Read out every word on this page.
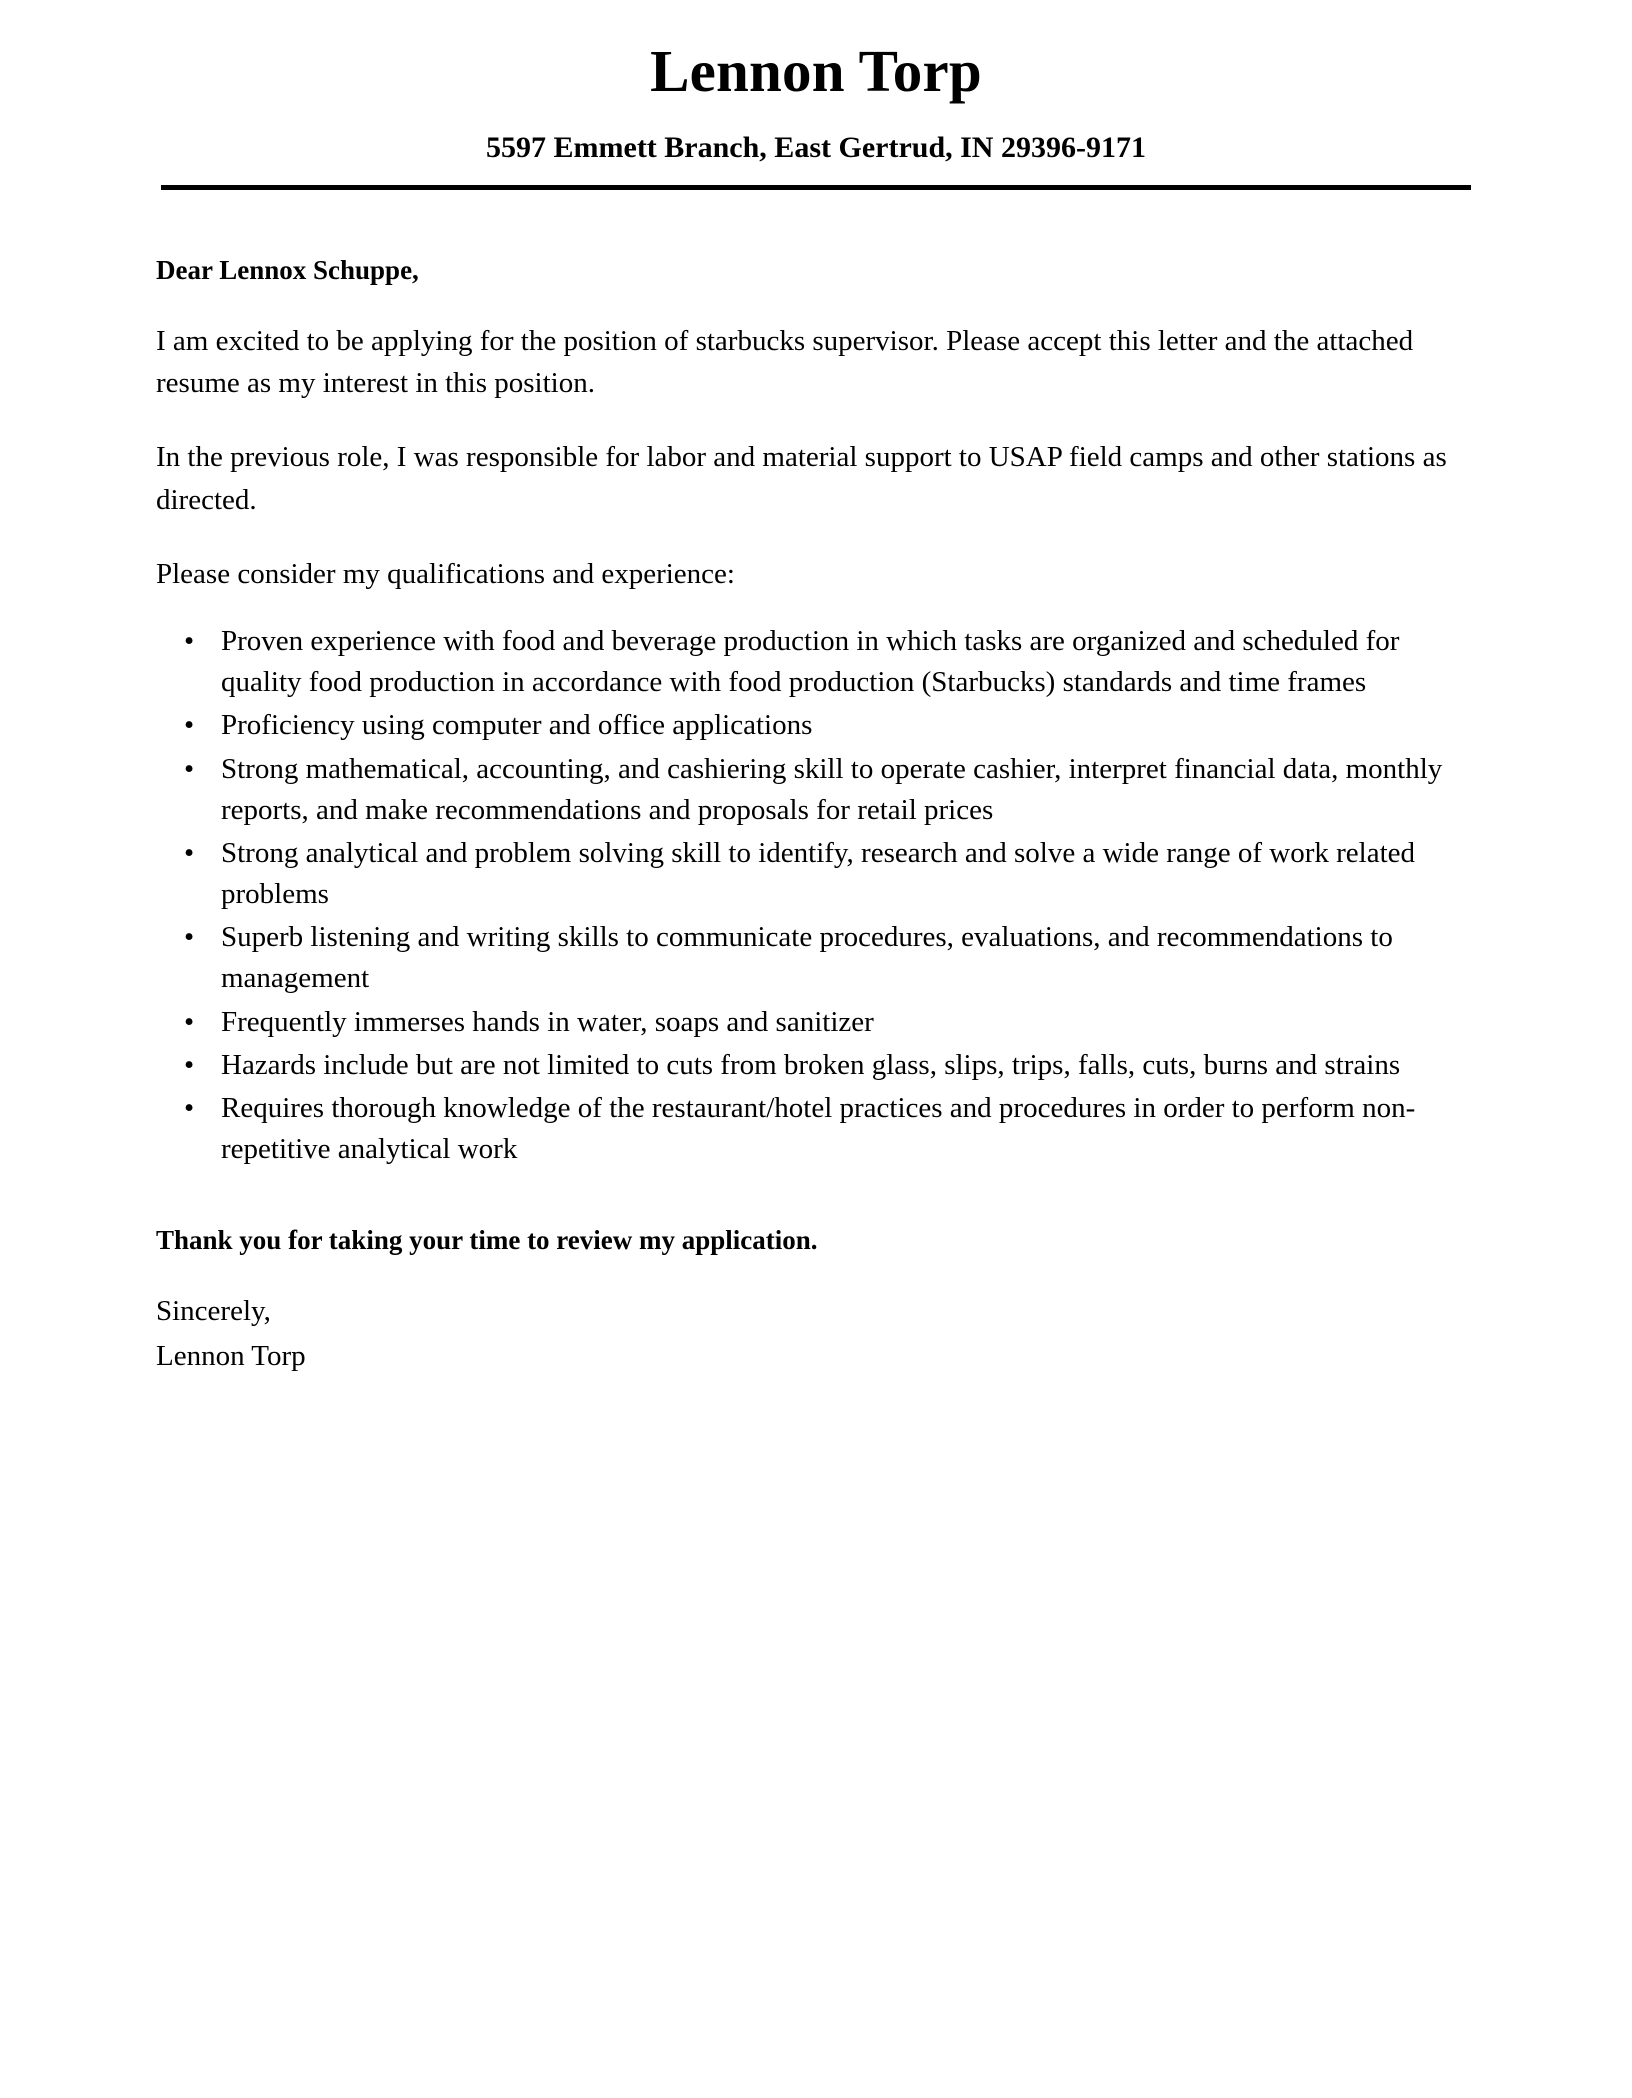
Lennon Torp
5597 Emmett Branch, East Gertrud, IN 29396-9171

Dear Lennox Schuppe,

I am excited to be applying for the position of starbucks supervisor. Please accept this letter and the attached resume as my interest in this position.

In the previous role, I was responsible for labor and material support to USAP field camps and other stations as directed.

Please consider my qualifications and experience:

• Proven experience with food and beverage production in which tasks are organized and scheduled for quality food production in accordance with food production (Starbucks) standards and time frames
• Proficiency using computer and office applications
• Strong mathematical, accounting, and cashiering skill to operate cashier, interpret financial data, monthly reports, and make recommendations and proposals for retail prices
• Strong analytical and problem solving skill to identify, research and solve a wide range of work related problems
• Superb listening and writing skills to communicate procedures, evaluations, and recommendations to management
• Frequently immerses hands in water, soaps and sanitizer
• Hazards include but are not limited to cuts from broken glass, slips, trips, falls, cuts, burns and strains
• Requires thorough knowledge of the restaurant/hotel practices and procedures in order to perform non-repetitive analytical work

Thank you for taking your time to review my application.

Sincerely,

Lennon Torp
